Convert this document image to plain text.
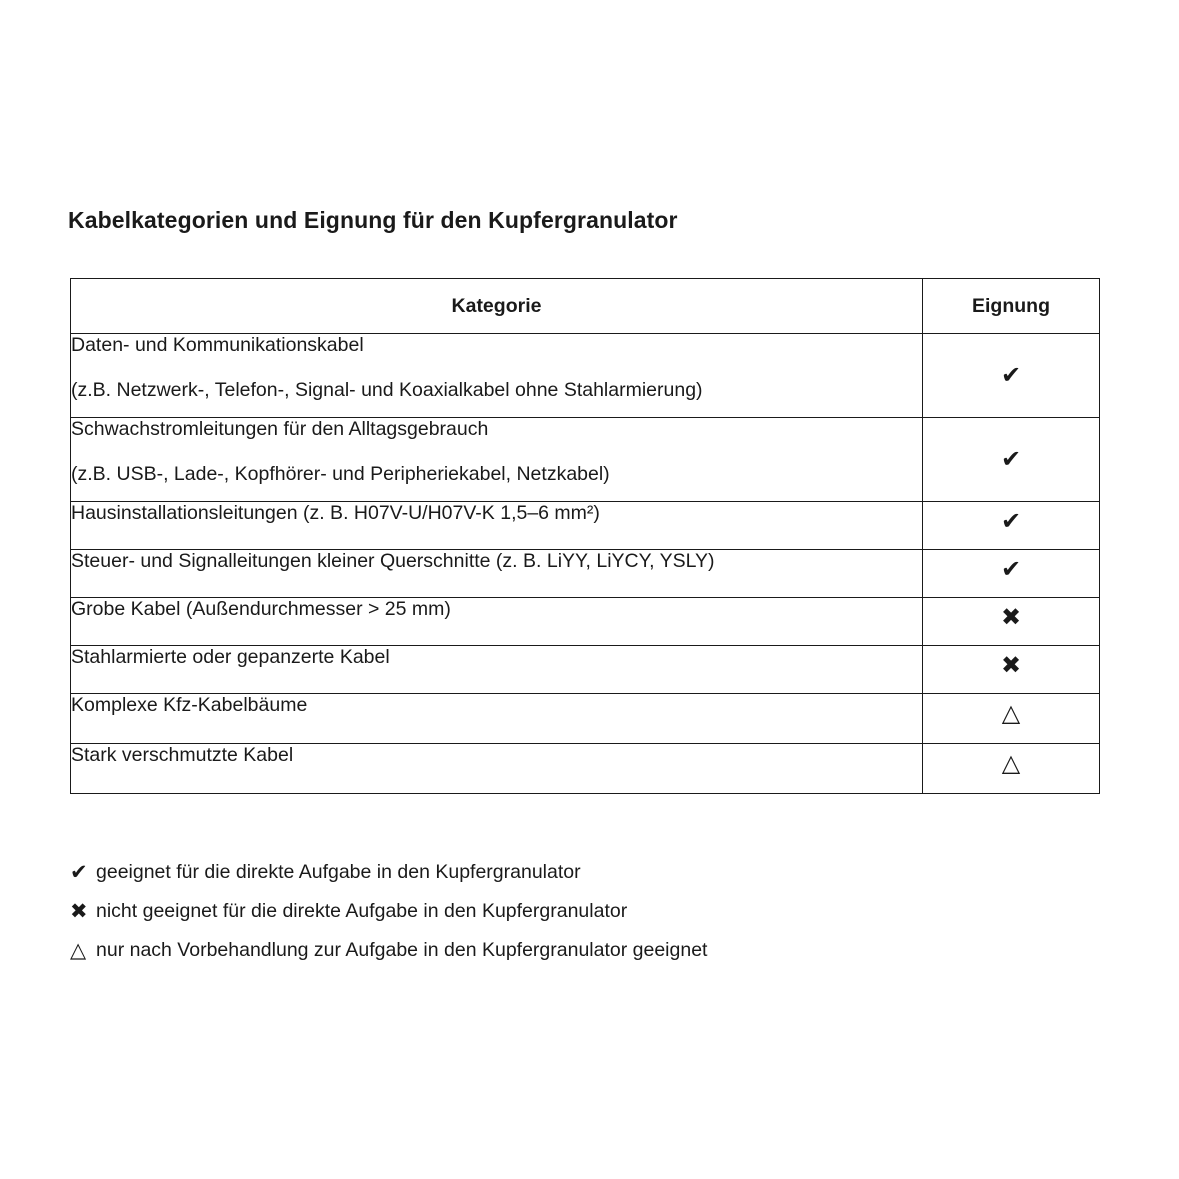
Kabelkategorien und Eignung für den Kupfergranulator
Kategorie	Eignung
Daten- und Kommunikationskabel
(z.B. Netzwerk-, Telefon-, Signal- und Koaxialkabel ohne Stahlarmierung)	✔
Schwachstromleitungen für den Alltagsgebrauch
(z.B. USB-, Lade-, Kopfhörer- und Peripheriekabel, Netzkabel)	✔
Hausinstallationsleitungen (z. B. H07V-U/H07V-K 1,5–6 mm²)	✔
Steuer- und Signalleitungen kleiner Querschnitte (z. B. LiYY, LiYCY, YSLY)	✔
Grobe Kabel (Außendurchmesser > 25 mm)	✖
Stahlarmierte oder gepanzerte Kabel	✖
Komplexe Kfz-Kabelbäume	△
Stark verschmutzte Kabel	△
✔ geeignet für die direkte Aufgabe in den Kupfergranulator
✖ nicht geeignet für die direkte Aufgabe in den Kupfergranulator
△ nur nach Vorbehandlung zur Aufgabe in den Kupfergranulator geeignet
